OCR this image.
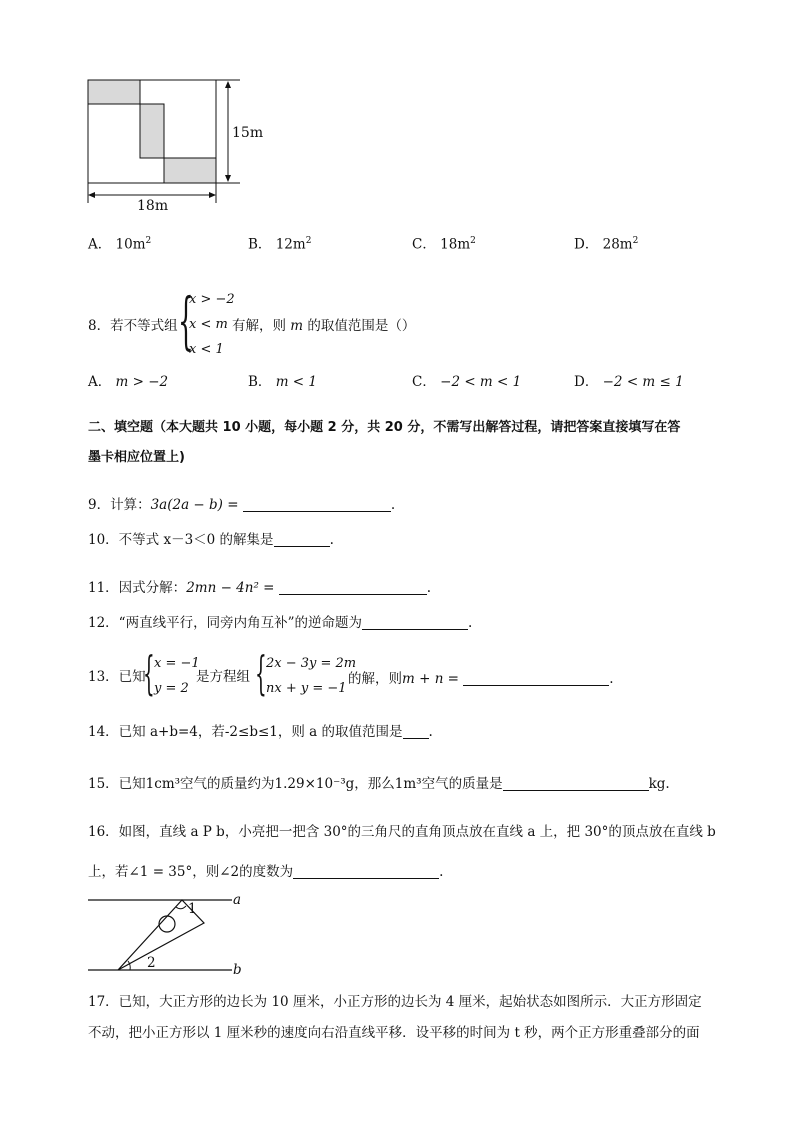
15m
18m
A． $10m^2$	B． $12m^2$	C． $18m^2$	D． $28m^2$
8．若不等式组 {
x > −2
x < m
x < 1
有解，则 m 的取值范围是（）
A． m > −2	B． m < 1	C． −2 < m < 1	D． −2 < m ≤ 1
二、填空题（本大题共 10 小题，每小题 2 分，共 20 分，不需写出解答过程，请把答案直接填写在答
墨卡相应位置上)
9．计算：3a(2a − b) =	.
10．不等式 x－3＜0 的解集是	.
11．因式分解：2mn − 4n² =	.
12．“两直线平行，同旁内角互补”的逆命题为	.
13．已知
{ x = −1
y = 2
是方程组 { 2x − 3y = 2m
nx + y = −1
的解，则m + n =	.
14．已知 a+b=4，若-2≤b≤1，则 a 的取值范围是 .
15．已知1cm³空气的质量约为1.29×10⁻³g，那么1m³空气的质量是	kg.
16．如图，直线 a P b，小亮把一把含 30°的三角尺的直角顶点放在直线 a 上，把 30°的顶点放在直线 b
上，若∠1 = 35°，则∠2的度数为	.
a
b
1
2
17．已知，大正方形的边长为 10 厘米，小正方形的边长为 4 厘米，起始状态如图所示．大正方形固定
不动，把小正方形以 1 厘米秒的速度向右沿直线平移．设平移的时间为 t 秒，两个正方形重叠部分的面
